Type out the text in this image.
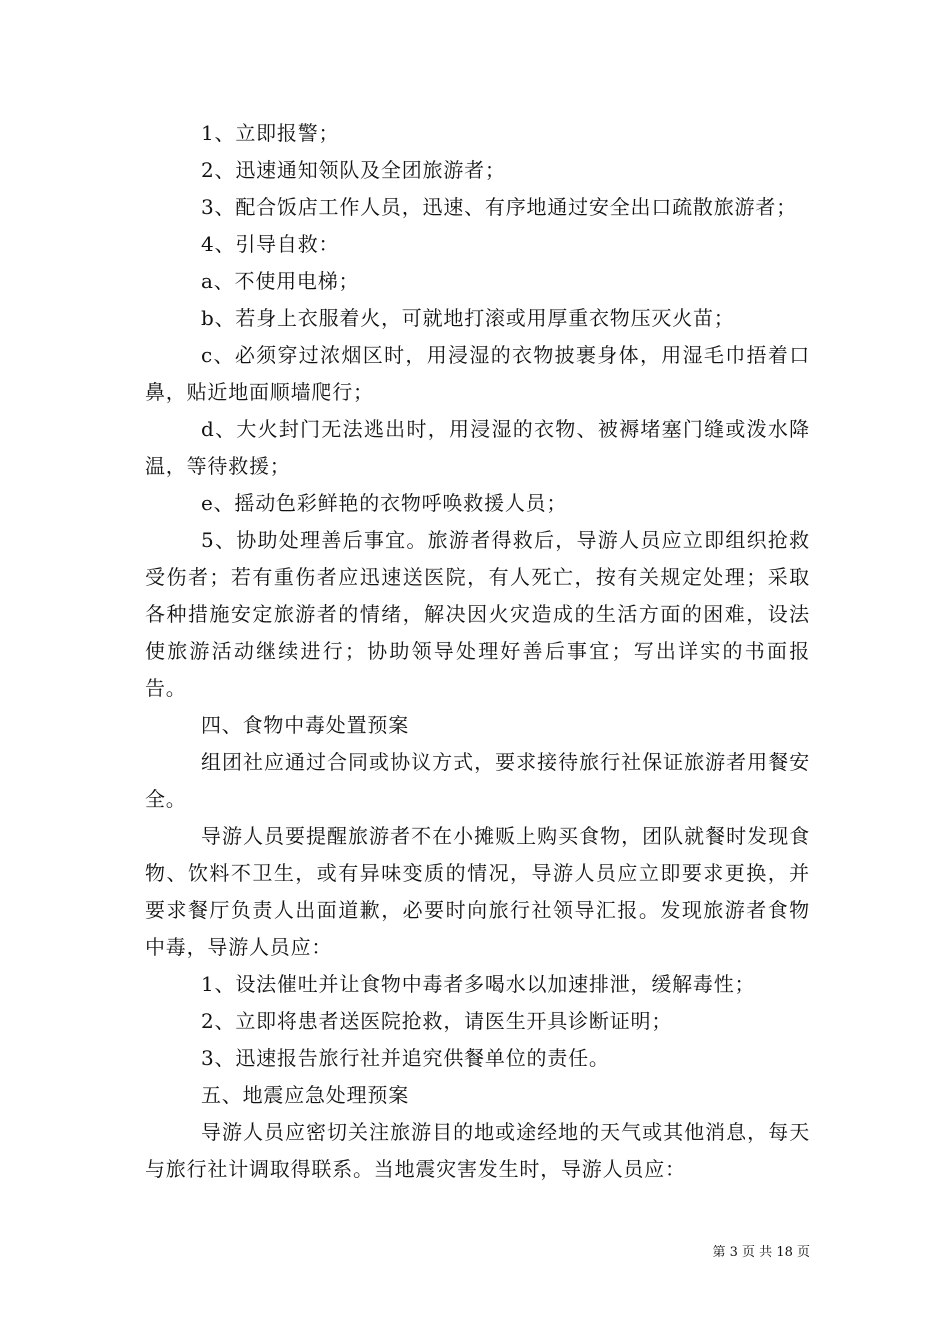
1、立即报警；

2、迅速通知领队及全团旅游者；

3、配合饭店工作人员，迅速、有序地通过安全出口疏散旅游者；

4、引导自救：

a、不使用电梯；

b、若身上衣服着火，可就地打滚或用厚重衣物压灭火苗；

c、必须穿过浓烟区时，用浸湿的衣物披裹身体，用湿毛巾捂着口鼻，贴近地面顺墙爬行；

d、大火封门无法逃出时，用浸湿的衣物、被褥堵塞门缝或泼水降温，等待救援；

e、摇动色彩鲜艳的衣物呼唤救援人员；

5、协助处理善后事宜。旅游者得救后，导游人员应立即组织抢救受伤者；若有重伤者应迅速送医院，有人死亡，按有关规定处理；采取各种措施安定旅游者的情绪，解决因火灾造成的生活方面的困难，设法使旅游活动继续进行；协助领导处理好善后事宜；写出详实的书面报告。

四、食物中毒处置预案

组团社应通过合同或协议方式，要求接待旅行社保证旅游者用餐安全。

导游人员要提醒旅游者不在小摊贩上购买食物，团队就餐时发现食物、饮料不卫生，或有异味变质的情况，导游人员应立即要求更换，并要求餐厅负责人出面道歉，必要时向旅行社领导汇报。发现旅游者食物中毒，导游人员应：

1、设法催吐并让食物中毒者多喝水以加速排泄，缓解毒性；

2、立即将患者送医院抢救，请医生开具诊断证明；

3、迅速报告旅行社并追究供餐单位的责任。

五、地震应急处理预案

导游人员应密切关注旅游目的地或途经地的天气或其他消息，每天与旅行社计调取得联系。当地震灾害发生时，导游人员应：

第 3 页 共 18 页
